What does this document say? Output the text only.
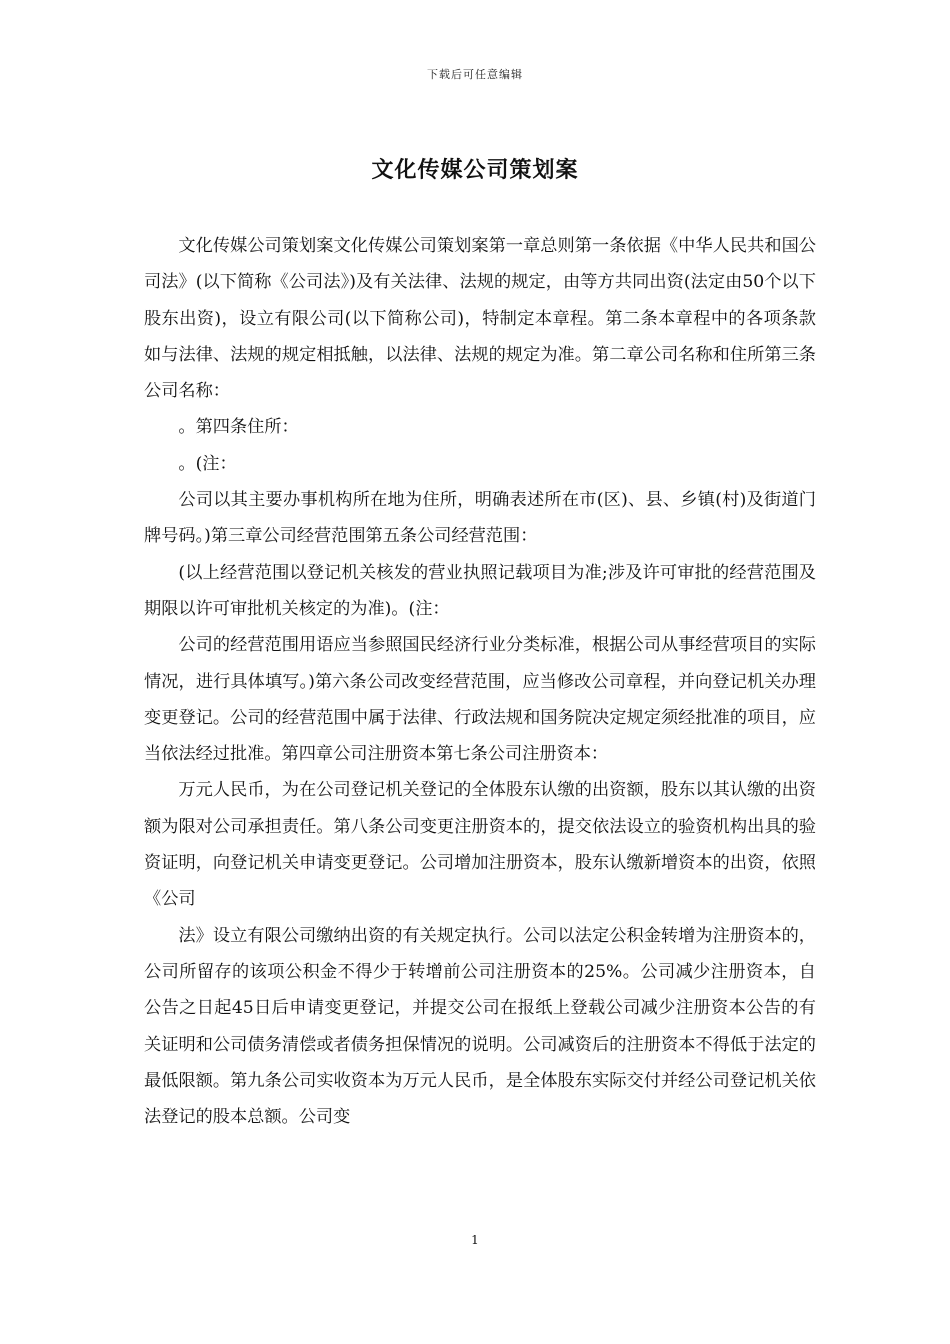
下载后可任意编辑
文化传媒公司策划案

文化传媒公司策划案文化传媒公司策划案第一章总则第一条依据《中华人民共和国公司法》(以下简称《公司法》)及有关法律、法规的规定，由等方共同出资(法定由50个以下股东出资)，设立有限公司(以下简称公司)，特制定本章程。第二条本章程中的各项条款如与法律、法规的规定相抵触，以法律、法规的规定为准。第二章公司名称和住所第三条公司名称：

。第四条住所：

。(注：

公司以其主要办事机构所在地为住所，明确表述所在市(区)、县、乡镇(村)及街道门牌号码。)第三章公司经营范围第五条公司经营范围：

(以上经营范围以登记机关核发的营业执照记载项目为准;涉及许可审批的经营范围及期限以许可审批机关核定的为准)。(注：

公司的经营范围用语应当参照国民经济行业分类标准，根据公司从事经营项目的实际情况，进行具体填写。)第六条公司改变经营范围，应当修改公司章程，并向登记机关办理变更登记。公司的经营范围中属于法律、行政法规和国务院决定规定须经批准的项目，应当依法经过批准。第四章公司注册资本第七条公司注册资本：

万元人民币，为在公司登记机关登记的全体股东认缴的出资额，股东以其认缴的出资额为限对公司承担责任。第八条公司变更注册资本的，提交依法设立的验资机构出具的验资证明，向登记机关申请变更登记。公司增加注册资本，股东认缴新增资本的出资，依照《公司

法》设立有限公司缴纳出资的有关规定执行。公司以法定公积金转增为注册资本的，公司所留存的该项公积金不得少于转增前公司注册资本的25%。公司减少注册资本，自公告之日起45日后申请变更登记，并提交公司在报纸上登载公司减少注册资本公告的有关证明和公司债务清偿或者债务担保情况的说明。公司减资后的注册资本不得低于法定的最低限额。第九条公司实收资本为万元人民币，是全体股东实际交付并经公司登记机关依法登记的股本总额。公司变

1
